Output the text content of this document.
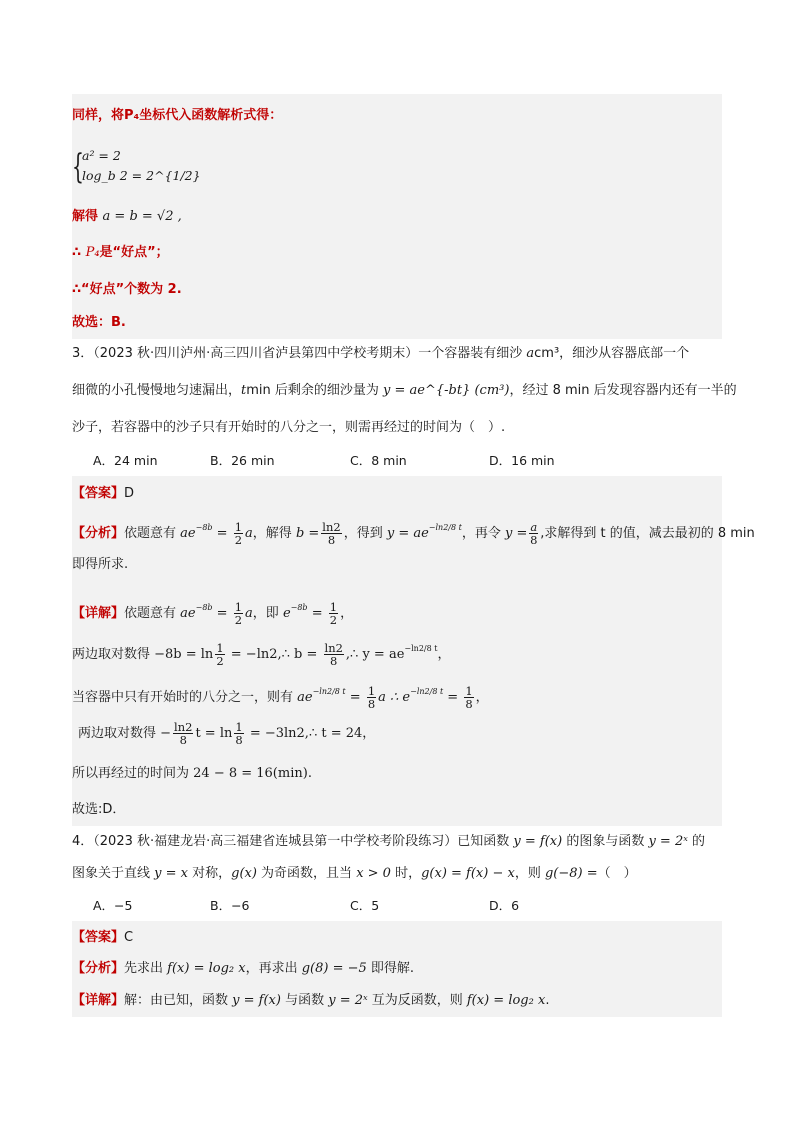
同样，将P₄坐标代入函数解析式得：
{
a² = 2
log_b 2 = 2^{1/2}
解得 a = b = √2 ,
∴ P₄是“好点”；
∴“好点”个数为 2.
故选：B.
3．（2023 秋·四川泸州·高三四川省泸县第四中学校考期末）一个容器装有细沙 acm³，细沙从容器底部一个
细微的小孔慢慢地匀速漏出，tmin 后剩余的细沙量为 y = ae^{-bt} (cm³)，经过 8 min 后发现容器内还有一半的
沙子，若容器中的沙子只有开始时的八分之一，则需再经过的时间为（　）.
A．24 min	B．26 min	C．8 min	D．16 min
【答案】D
【分析】依题意有 $ae^{-8b} = \frac{1}{2}$ a，解得 $b = \frac{\ln 2}{8}$ ，得到 $y = ae^{-ln2/8 t}$，再令 $y = \frac{a}{8}$ ,求解得到 t 的值，减去最初的 8 min
即得所求.
【详解】依题意有 $ae^{-8b} = \frac{1}{2}$ a，即 $e^{-8b} = \frac{1}{2}$ ，
两边取对数得 $-8b = \ln \frac{1}{2}$ = −ln2,∴ $b = \frac{\ln 2}{8}$ ,∴ $y = ae^{-ln2/8 t}$，
当容器中只有开始时的八分之一，则有 $ae^{-ln2/8 t} = \frac{1}{8}$ a ∴ $e^{-ln2/8 t} = \frac{1}{8}$ ，
两边取对数得 − $\frac{\ln 2}{8}$ $t = \ln \frac{1}{8}$ = −3ln2,∴ t = 24，
所以再经过的时间为 24 − 8 = 16(min).
故选:D．
4．（2023 秋·福建龙岩·高三福建省连城县第一中学校考阶段练习）已知函数 y = f(x) 的图象与函数 y = 2ˣ 的
图象关于直线 y = x 对称，g(x) 为奇函数，且当 x > 0 时，g(x) = f(x) − x，则 g(−8) =（　）
A．−5	B．−6	C．5	D．6
【答案】C
【分析】先求出 f(x) = log₂ x，再求出 g(8) = −5 即得解.
【详解】解：由已知，函数 y = f(x) 与函数 y = 2ˣ 互为反函数，则 f(x) = log₂ x.
